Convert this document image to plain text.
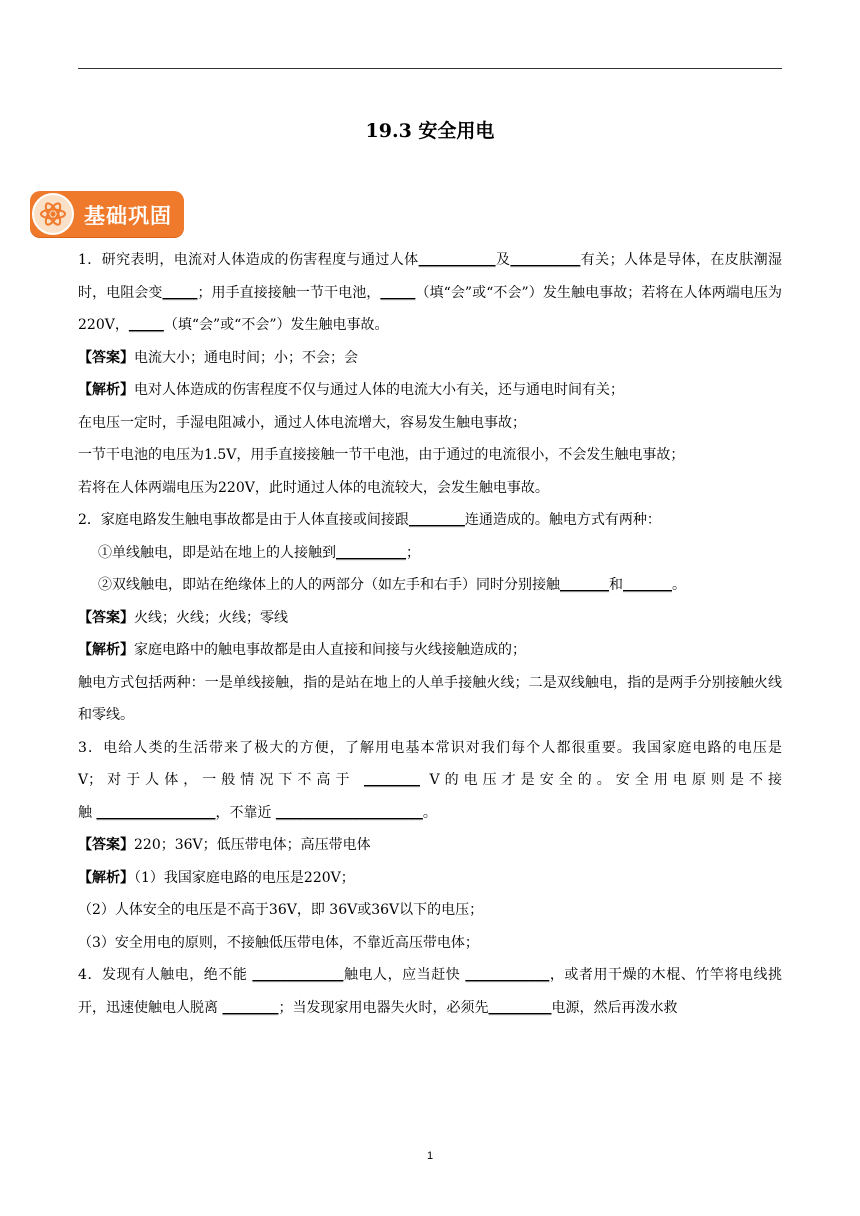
19.3 安全用电
基础巩固

1．研究表明，电流对人体造成的伤害程度与通过人体___________及__________有关；人体是导体，在皮肤潮湿时，电阻会变_____；用手直接接触一节干电池，_____（填“会”或“不会”）发生触电事故；若将在人体两端电压为220V，_____（填“会”或“不会”）发生触电事故。

【答案】电流大小；通电时间；小；不会；会

【解析】电对人体造成的伤害程度不仅与通过人体的电流大小有关，还与通电时间有关；

在电压一定时，手湿电阻减小，通过人体电流增大，容易发生触电事故；

一节干电池的电压为1.5V，用手直接接触一节干电池，由于通过的电流很小，不会发生触电事故；

若将在人体两端电压为220V，此时通过人体的电流较大，会发生触电事故。

2．家庭电路发生触电事故都是由于人体直接或间接跟________连通造成的。触电方式有两种：

①单线触电，即是站在地上的人接触到__________；

②双线触电，即站在绝缘体上的人的两部分（如左手和右手）同时分别接触_______和_______。

【答案】火线；火线；火线；零线

【解析】家庭电路中的触电事故都是由人直接和间接与火线接触造成的；

触电方式包括两种：一是单线接触，指的是站在地上的人单手接触火线；二是双线触电，指的是两手分别接触火线和零线。

3．电给人类的生活带来了极大的方便，了解用电基本常识对我们每个人都很重要。我国家庭电路的电压是

V；对于人体，一般情况下不高于 ________ V的电压才是安全的。安全用电原则是不接

触 _________________，不靠近 _____________________。

【答案】220；36V；低压带电体；高压带电体

【解析】（1）我国家庭电路的电压是220V；

（2）人体安全的电压是不高于36V，即 36V或36V以下的电压；

（3）安全用电的原则，不接触低压带电体，不靠近高压带电体；

4．发现有人触电，绝不能 _____________触电人，应当赶快 ____________，或者用干燥的木棍、竹竿将电线挑开，迅速使触电人脱离 ________；当发现家用电器失火时，必须先_________电源，然后再泼水救

1
